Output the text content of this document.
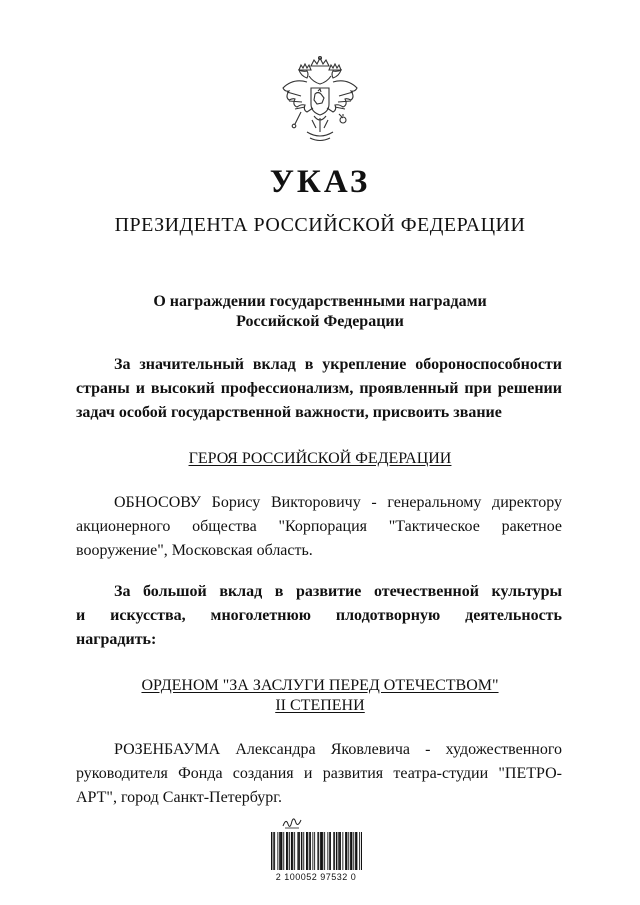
УКАЗ
ПРЕЗИДЕНТА РОССИЙСКОЙ ФЕДЕРАЦИИ
О награждении государственными наградами
Российской Федерации
За значительный вклад в укрепление обороноспособности
страны и высокий профессионализм, проявленный при решении
задач особой государственной важности, присвоить звание
ГЕРОЯ РОССИЙСКОЙ ФЕДЕРАЦИИ
ОБНОСОВУ Борису Викторовичу - генеральному директору
акционерного общества "Корпорация "Тактическое ракетное
вооружение", Московская область.
За большой вклад в развитие отечественной культуры
и искусства, многолетнюю плодотворную деятельность
наградить:
ОРДЕНОМ "ЗА ЗАСЛУГИ ПЕРЕД ОТЕЧЕСТВОМ"
II СТЕПЕНИ
РОЗЕНБАУМА Александра Яковлевича - художественного
руководителя Фонда создания и развития театра-студии "ПЕТРО-
АРТ", город Санкт-Петербург.
2 100052 97532 0
